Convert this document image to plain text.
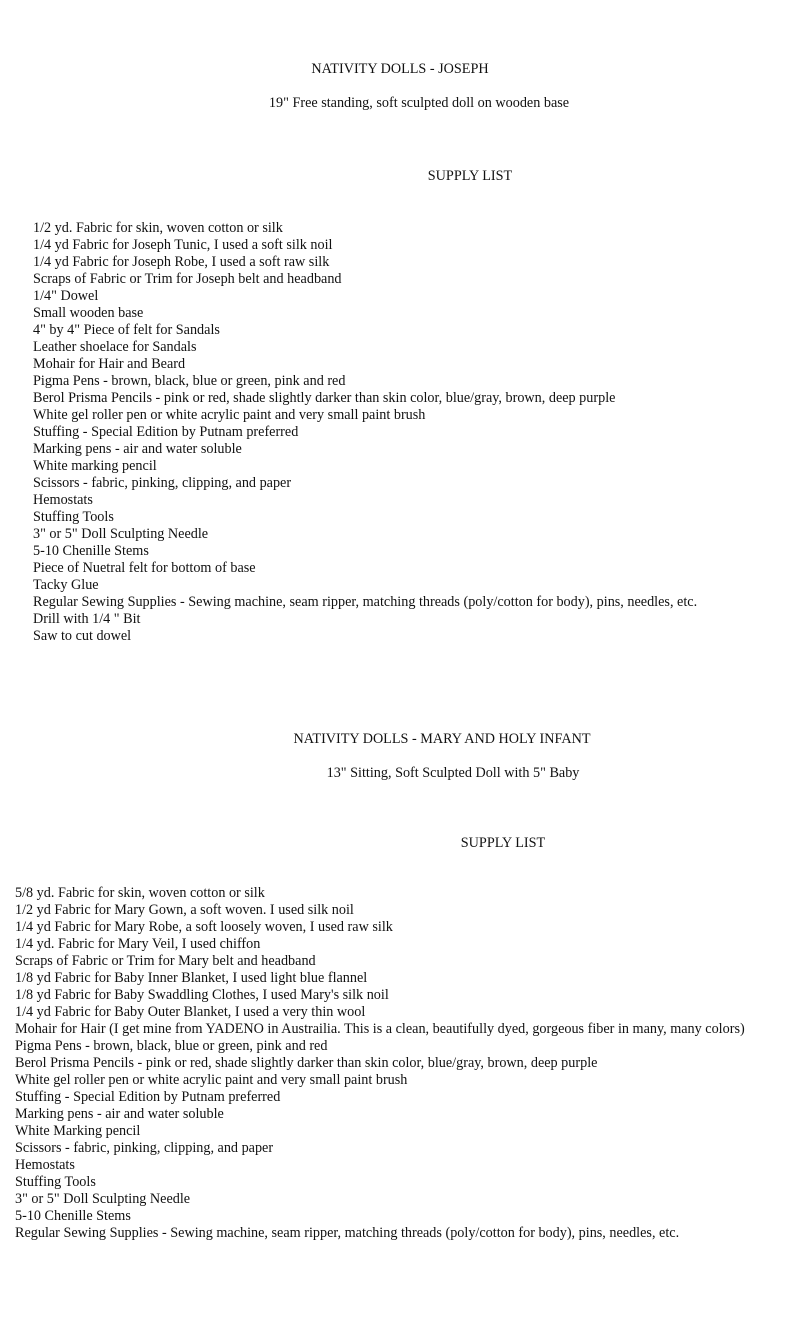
NATIVITY DOLLS - JOSEPH
19" Free standing, soft sculpted doll on wooden base
SUPPLY LIST
1/2 yd. Fabric for skin, woven cotton or silk
1/4 yd Fabric for Joseph Tunic, I used a soft silk noil
1/4 yd Fabric for Joseph Robe, I used a soft raw silk
Scraps of Fabric or Trim for Joseph belt and headband
1/4" Dowel
Small wooden base
4" by 4" Piece of felt for Sandals
Leather shoelace for Sandals
Mohair for Hair and Beard
Pigma Pens - brown, black, blue or green, pink and red
Berol Prisma Pencils - pink or red, shade slightly darker than skin color, blue/gray, brown, deep purple
White gel roller pen or white acrylic paint and very small paint brush
Stuffing - Special Edition by Putnam preferred
Marking pens - air and water soluble
White marking pencil
Scissors - fabric, pinking, clipping, and paper
Hemostats
Stuffing Tools
3" or 5" Doll Sculpting Needle
5-10 Chenille Stems
Piece of Nuetral felt for bottom of base
Tacky Glue
Regular Sewing Supplies - Sewing machine, seam ripper, matching threads (poly/cotton for body), pins, needles, etc.
Drill with 1/4 " Bit
Saw to cut dowel
NATIVITY DOLLS - MARY AND HOLY INFANT
13" Sitting, Soft Sculpted Doll with 5" Baby
SUPPLY LIST
5/8 yd. Fabric for skin, woven cotton or silk
1/2 yd Fabric for Mary Gown, a soft woven. I used silk noil
1/4 yd Fabric for Mary Robe, a soft loosely woven, I used raw silk
1/4 yd. Fabric for Mary Veil, I used chiffon
Scraps of Fabric or Trim for Mary belt and headband
1/8 yd Fabric for Baby Inner Blanket, I used light blue flannel
1/8 yd Fabric for Baby Swaddling Clothes, I used Mary's silk noil
1/4 yd Fabric for Baby Outer Blanket, I used a very thin wool
Mohair for Hair (I get mine from YADENO in Austrailia. This is a clean, beautifully dyed, gorgeous fiber in many, many colors)
Pigma Pens - brown, black, blue or green, pink and red
Berol Prisma Pencils - pink or red, shade slightly darker than skin color, blue/gray, brown, deep purple
White gel roller pen or white acrylic paint and very small paint brush
Stuffing - Special Edition by Putnam preferred
Marking pens - air and water soluble
White Marking pencil
Scissors - fabric, pinking, clipping, and paper
Hemostats
Stuffing Tools
3" or 5" Doll Sculpting Needle
5-10 Chenille Stems
Regular Sewing Supplies - Sewing machine, seam ripper, matching threads (poly/cotton for body), pins, needles, etc.
